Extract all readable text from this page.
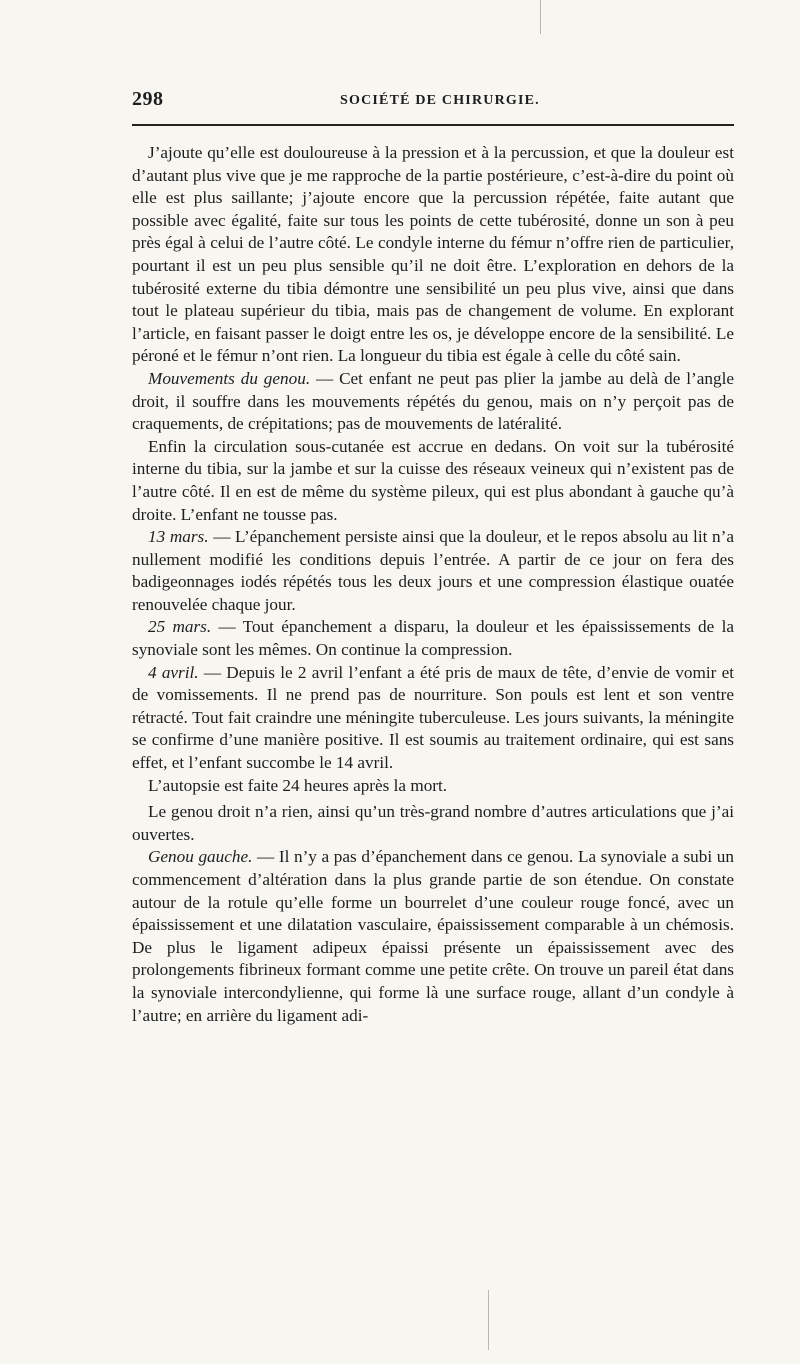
298	SOCIÉTÉ DE CHIRURGIE.

J’ajoute qu’elle est douloureuse à la pression et à la percussion, et que la douleur est d’autant plus vive que je me rapproche de la partie postérieure, c’est-à-dire du point où elle est plus saillante; j’ajoute encore que la percussion répétée, faite autant que possible avec égalité, faite sur tous les points de cette tubérosité, donne un son à peu près égal à celui de l’autre côté. Le condyle interne du fémur n’offre rien de particulier, pourtant il est un peu plus sensible qu’il ne doit être. L’exploration en dehors de la tubérosité externe du tibia démontre une sensibilité un peu plus vive, ainsi que dans tout le plateau supérieur du tibia, mais pas de changement de volume. En explorant l’article, en faisant passer le doigt entre les os, je développe encore de la sensibilité. Le péroné et le fémur n’ont rien. La longueur du tibia est égale à celle du côté sain.

Mouvements du genou. — Cet enfant ne peut pas plier la jambe au delà de l’angle droit, il souffre dans les mouvements répétés du genou, mais on n’y perçoit pas de craquements, de crépitations; pas de mouvements de latéralité.

Enfin la circulation sous-cutanée est accrue en dedans. On voit sur la tubérosité interne du tibia, sur la jambe et sur la cuisse des réseaux veineux qui n’existent pas de l’autre côté. Il en est de même du système pileux, qui est plus abondant à gauche qu’à droite. L’enfant ne tousse pas.

13 mars. — L’épanchement persiste ainsi que la douleur, et le repos absolu au lit n’a nullement modifié les conditions depuis l’entrée. A partir de ce jour on fera des badigeonnages iodés répétés tous les deux jours et une compression élastique ouatée renouvelée chaque jour.

25 mars. — Tout épanchement a disparu, la douleur et les épaississements de la synoviale sont les mêmes. On continue la compression.

4 avril. — Depuis le 2 avril l’enfant a été pris de maux de tête, d’envie de vomir et de vomissements. Il ne prend pas de nourriture. Son pouls est lent et son ventre rétracté. Tout fait craindre une méningite tuberculeuse. Les jours suivants, la méningite se confirme d’une manière positive. Il est soumis au traitement ordinaire, qui est sans effet, et l’enfant succombe le 14 avril.

L’autopsie est faite 24 heures après la mort.

Le genou droit n’a rien, ainsi qu’un très-grand nombre d’autres articulations que j’ai ouvertes.

Genou gauche. — Il n’y a pas d’épanchement dans ce genou. La synoviale a subi un commencement d’altération dans la plus grande partie de son étendue. On constate autour de la rotule qu’elle forme un bourrelet d’une couleur rouge foncé, avec un épaississement et une dilatation vasculaire, épaississement comparable à un chémosis. De plus le ligament adipeux épaissi présente un épaississement avec des prolongements fibrineux formant comme une petite crête. On trouve un pareil état dans la synoviale intercondylienne, qui forme là une surface rouge, allant d’un condyle à l’autre; en arrière du ligament adi-
